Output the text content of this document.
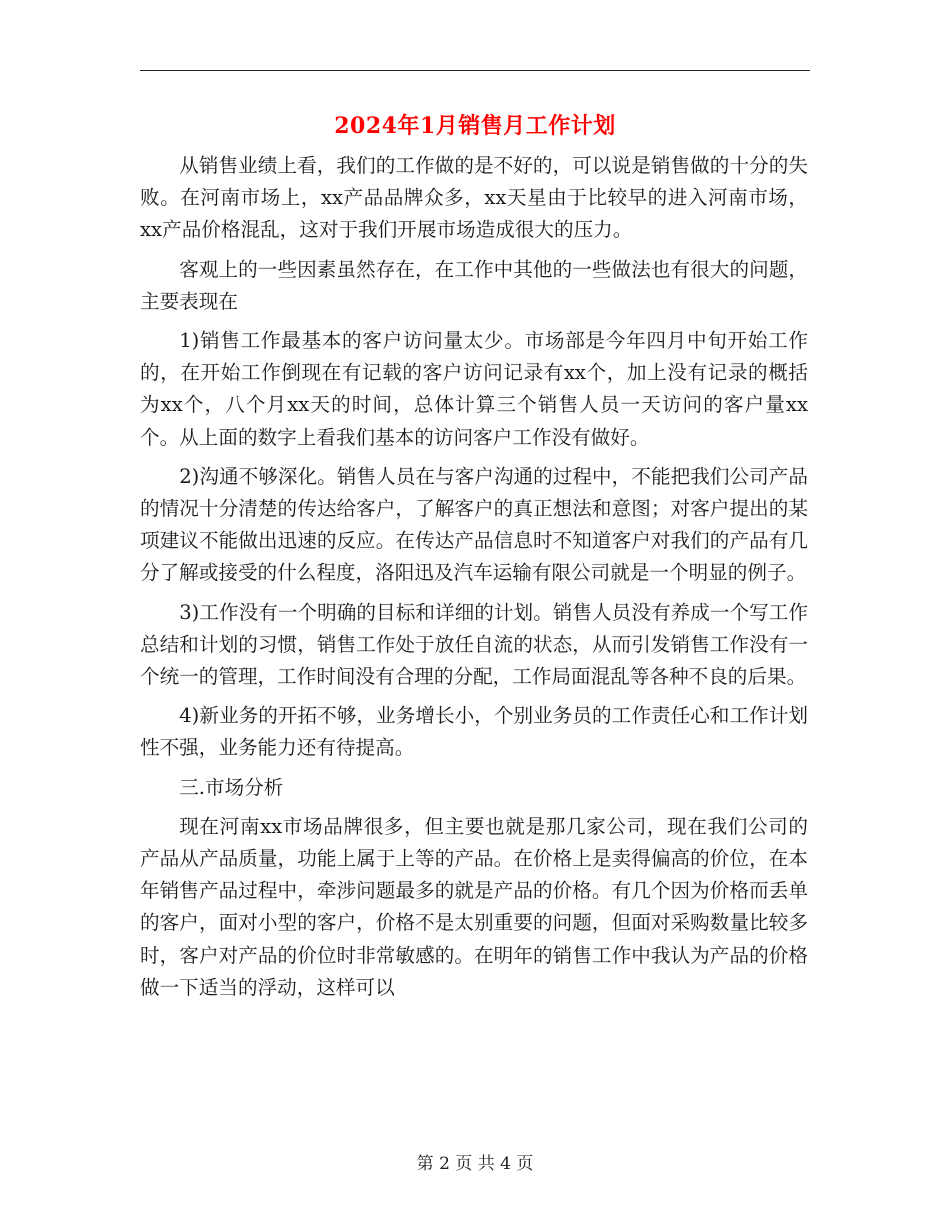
2024年1月销售月工作计划

从销售业绩上看，我们的工作做的是不好的，可以说是销售做的十分的失败。在河南市场上，xx产品品牌众多，xx天星由于比较早的进入河南市场，xx产品价格混乱，这对于我们开展市场造成很大的压力。

客观上的一些因素虽然存在，在工作中其他的一些做法也有很大的问题，主要表现在

1)销售工作最基本的客户访问量太少。市场部是今年四月中旬开始工作的，在开始工作倒现在有记载的客户访问记录有xx个，加上没有记录的概括为xx个，八个月xx天的时间，总体计算三个销售人员一天访问的客户量xx个。从上面的数字上看我们基本的访问客户工作没有做好。

2)沟通不够深化。销售人员在与客户沟通的过程中，不能把我们公司产品的情况十分清楚的传达给客户，了解客户的真正想法和意图；对客户提出的某项建议不能做出迅速的反应。在传达产品信息时不知道客户对我们的产品有几分了解或接受的什么程度，洛阳迅及汽车运输有限公司就是一个明显的例子。

3)工作没有一个明确的目标和详细的计划。销售人员没有养成一个写工作总结和计划的习惯，销售工作处于放任自流的状态，从而引发销售工作没有一个统一的管理，工作时间没有合理的分配，工作局面混乱等各种不良的后果。

4)新业务的开拓不够，业务增长小，个别业务员的工作责任心和工作计划性不强，业务能力还有待提高。

三.市场分析

现在河南xx市场品牌很多，但主要也就是那几家公司，现在我们公司的产品从产品质量，功能上属于上等的产品。在价格上是卖得偏高的价位，在本年销售产品过程中，牵涉问题最多的就是产品的价格。有几个因为价格而丢单的客户，面对小型的客户，价格不是太别重要的问题，但面对采购数量比较多时，客户对产品的价位时非常敏感的。在明年的销售工作中我认为产品的价格做一下适当的浮动，这样可以

第 2 页 共 4 页
